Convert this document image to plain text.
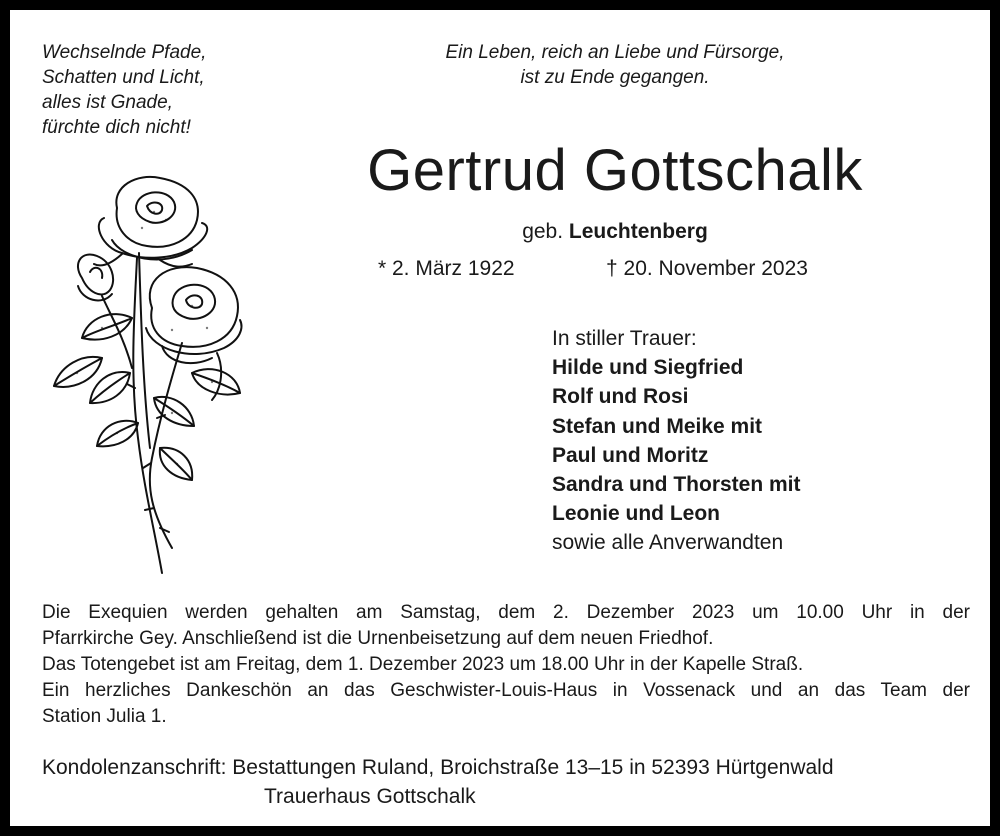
Wechselnde Pfade,
Schatten und Licht,
alles ist Gnade,
fürchte dich nicht!
Ein Leben, reich an Liebe und Fürsorge,
ist zu Ende gegangen.
Gertrud Gottschalk
geb. Leuchtenberg
* 2. März 1922	† 20. November 2023
In stiller Trauer:
Hilde und Siegfried
Rolf und Rosi
Stefan und Meike mit
Paul und Moritz
Sandra und Thorsten mit
Leonie und Leon
sowie alle Anverwandten
Die Exequien werden gehalten am Samstag, dem 2. Dezember 2023 um 10.00 Uhr in der
Pfarrkirche Gey. Anschließend ist die Urnenbeisetzung auf dem neuen Friedhof.
Das Totengebet ist am Freitag, dem 1. Dezember 2023 um 18.00 Uhr in der Kapelle Straß.
Ein herzliches Dankeschön an das Geschwister-Louis-Haus in Vossenack und an das Team der
Station Julia 1.
Kondolenzanschrift: Bestattungen Ruland, Broichstraße 13–15 in 52393 Hürtgenwald
Trauerhaus Gottschalk
